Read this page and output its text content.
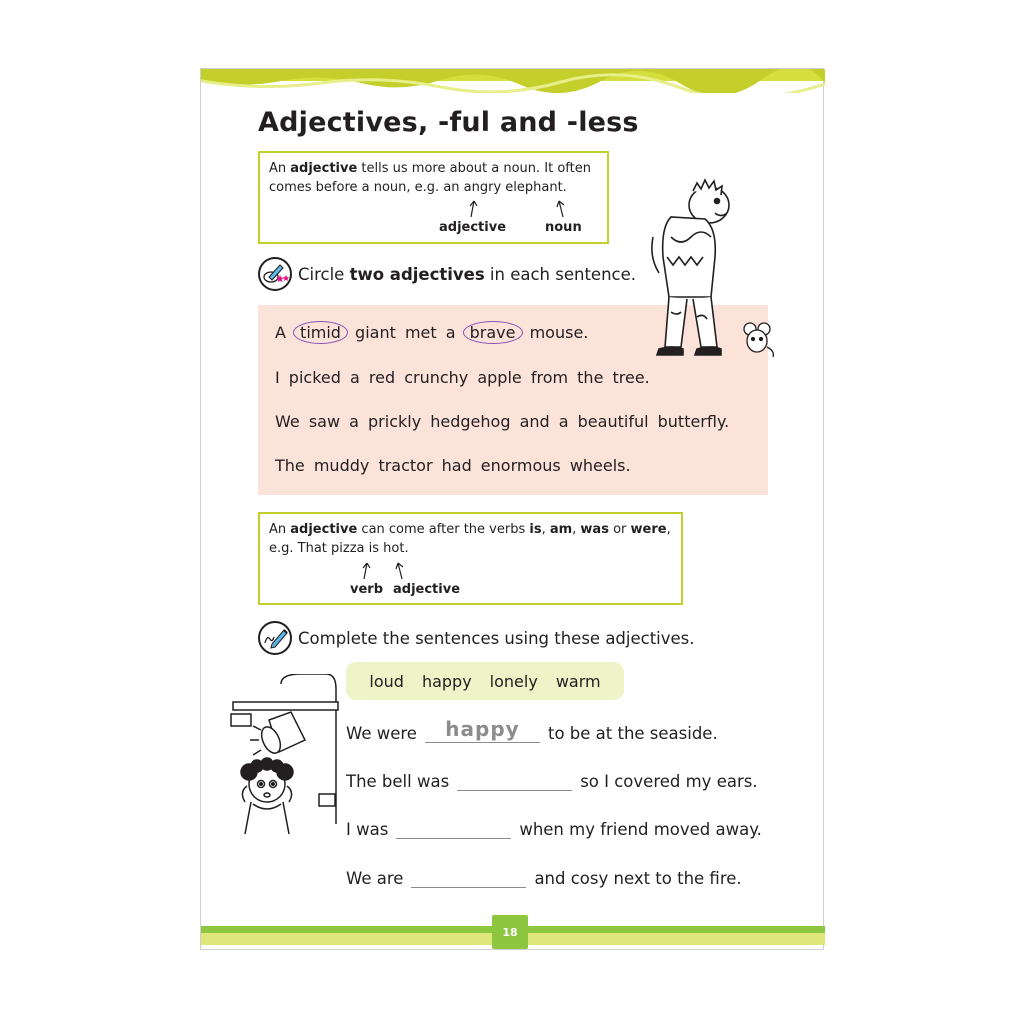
Adjectives, -ful and -less
An adjective tells us more about a noun. It often comes before a noun, e.g. an angry elephant.
adjective	noun
Circle two adjectives in each sentence.
A timid giant met a brave mouse.
I picked a red crunchy apple from the tree.
We saw a prickly hedgehog and a beautiful butterfly.
The muddy tractor had enormous wheels.
An adjective can come after the verbs is, am, was or were,
e.g. That pizza is hot.
verb adjective
Complete the sentences using these adjectives.
loud happy lonely warm
We were	happy	to be at the seaside.
The bell was	so I covered my ears.
I was	when my friend moved away.
We are	and cosy next to the fire.
18
